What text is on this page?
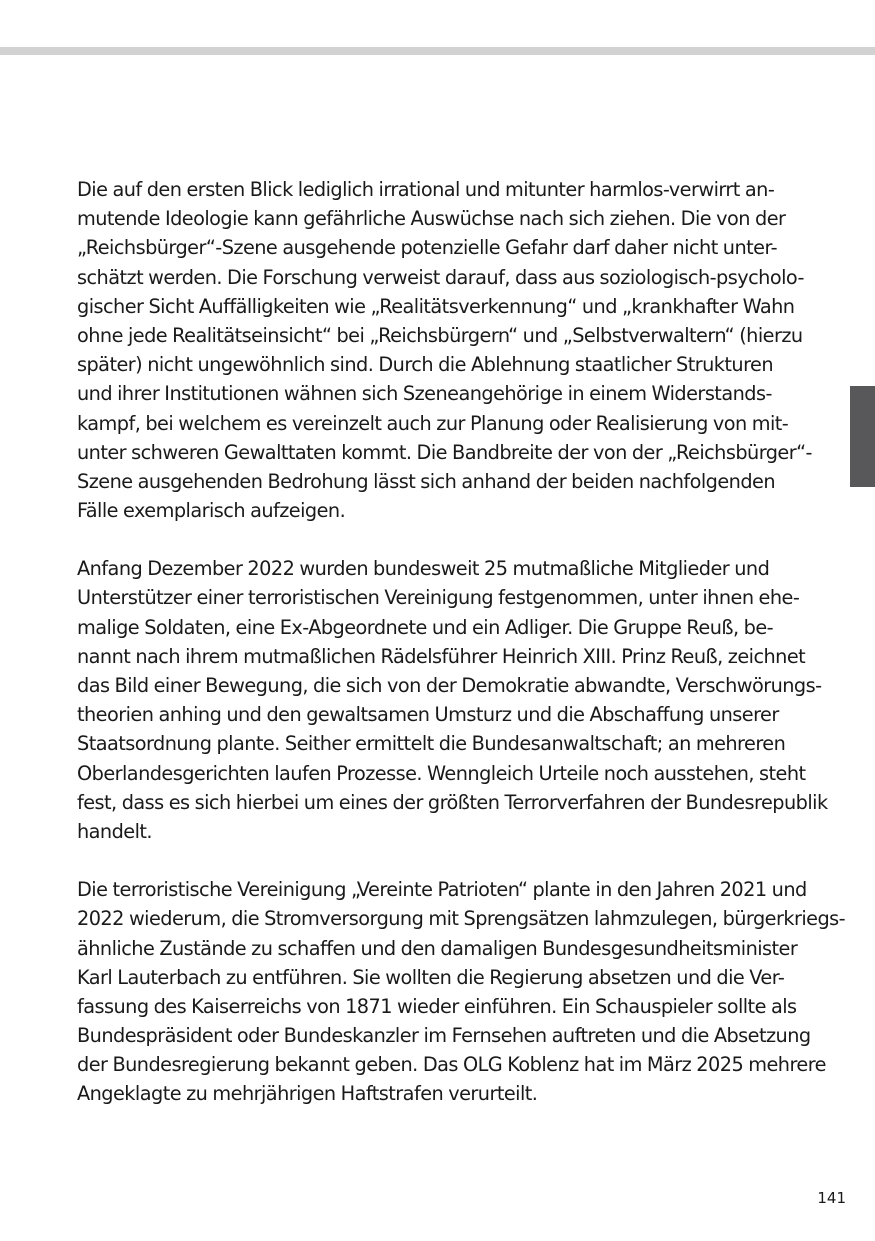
Die auf den ersten Blick lediglich irrational und mitunter harmlos-verwirrt an-
mutende Ideologie kann gefährliche Auswüchse nach sich ziehen. Die von der
„Reichsbürger“-Szene ausgehende potenzielle Gefahr darf daher nicht unter-
schätzt werden. Die Forschung verweist darauf, dass aus soziologisch-psycholo-
gischer Sicht Auffälligkeiten wie „Realitätsverkennung“ und „krankhafter Wahn
ohne jede Realitätseinsicht“ bei „Reichsbürgern“ und „Selbstverwaltern“ (hierzu
später) nicht ungewöhnlich sind. Durch die Ablehnung staatlicher Strukturen
und ihrer Institutionen wähnen sich Szeneangehörige in einem Widerstands-
kampf, bei welchem es vereinzelt auch zur Planung oder Realisierung von mit-
unter schweren Gewalttaten kommt. Die Bandbreite der von der „Reichsbürger“-
Szene ausgehenden Bedrohung lässt sich anhand der beiden nachfolgenden
Fälle exemplarisch aufzeigen.
Anfang Dezember 2022 wurden bundesweit 25 mutmaßliche Mitglieder und
Unterstützer einer terroristischen Vereinigung festgenommen, unter ihnen ehe-
malige Soldaten, eine Ex-Abgeordnete und ein Adliger. Die Gruppe Reuß, be-
nannt nach ihrem mutmaßlichen Rädelsführer Heinrich XIII. Prinz Reuß, zeichnet
das Bild einer Bewegung, die sich von der Demokratie abwandte, Verschwörungs-
theorien anhing und den gewaltsamen Umsturz und die Abschaffung unserer
Staatsordnung plante. Seither ermittelt die Bundesanwaltschaft; an mehreren
Oberlandesgerichten laufen Prozesse. Wenngleich Urteile noch ausstehen, steht
fest, dass es sich hierbei um eines der größten Terrorverfahren der Bundesrepublik
handelt.
Die terroristische Vereinigung „Vereinte Patrioten“ plante in den Jahren 2021 und
2022 wiederum, die Stromversorgung mit Sprengsätzen lahmzulegen, bürgerkriegs-
ähnliche Zustände zu schaffen und den damaligen Bundesgesundheitsminister
Karl Lauterbach zu entführen. Sie wollten die Regierung absetzen und die Ver-
fassung des Kaiserreichs von 1871 wieder einführen. Ein Schauspieler sollte als
Bundespräsident oder Bundeskanzler im Fernsehen auftreten und die Absetzung
der Bundesregierung bekannt geben. Das OLG Koblenz hat im März 2025 mehrere
Angeklagte zu mehrjährigen Haftstrafen verurteilt.
141
